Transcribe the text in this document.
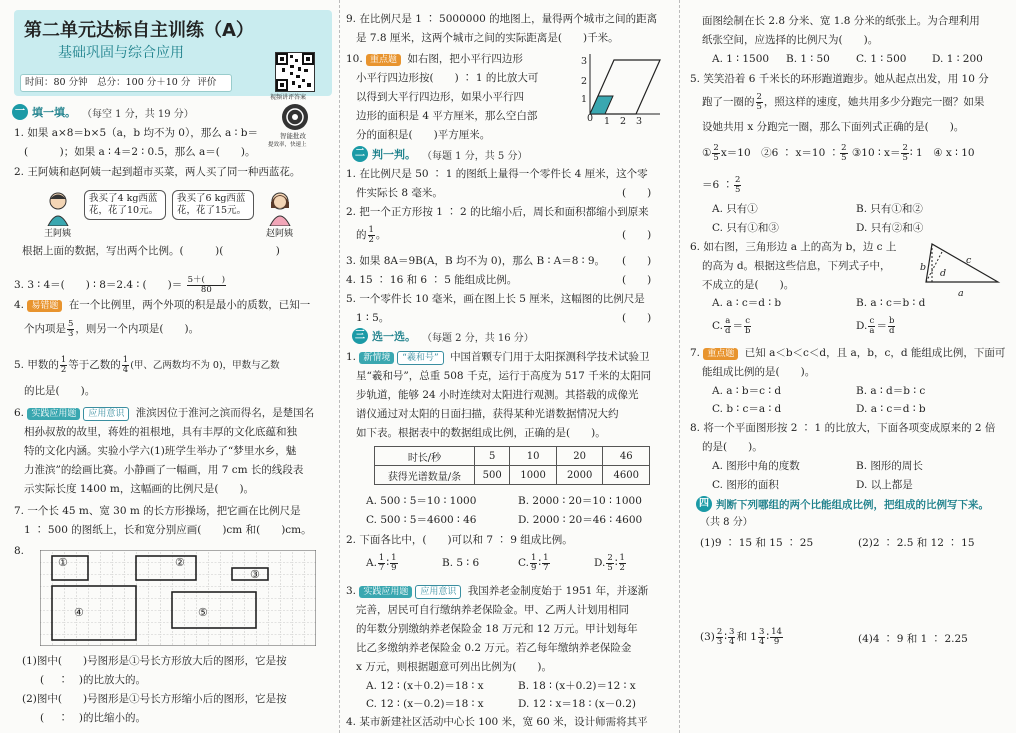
第二单元达标自主训练（A）
基础巩固与综合应用
时间：80 分钟　总分：100 分＋10 分 评价
视频讲评答案
智能批改
提效率，快速上
一 填一填。 （每空 1 分，共 19 分）
1. 如果 a×8＝b×5（a，b 均不为 0），那么 a ∶ b＝
(　　　)；如果 a ∶ 4＝2 ∶ 0.5，那么 a＝(　　)。
2. 王阿姨和赵阿姨一起到超市买菜，两人买了同一种西蓝花。
我买了4 kg西蓝花，花了10元。
我买了6 kg西蓝花，花了15元。
王阿姨	赵阿姨
根据上面的数据，写出两个比例。(　　　)(　　　　　)
3. 3 ∶ 4＝(　　) ∶ 8＝2.4 ∶ (　　)＝ $\frac{5+( )}{80}$
4. 易错题 在一个比例里，两个外项的积是最小的质数，已知一
个内项是 $\frac{5}{3}$ ，则另一个内项是(　　)。
5. 甲数的 $\frac{1}{2}$ 等于乙数的 $\frac{1}{4}$ (甲、乙两数均不为 0)，甲数与乙数
的比是(　　)。
6. 实践应用题 应用意识 淮滨因位于淮河之滨而得名，是楚国名
相孙叔敖的故里，蒋姓的祖根地，具有丰厚的文化底蕴和独
特的文化内涵。实验小学六(1)班学生举办了“梦里水乡，魅
力淮滨”的绘画比赛。小静画了一幅画，用 7 cm 长的线段表
示实际长度 1400 m，这幅画的比例尺是(　　)。
7. 一个长 45 m、宽 30 m 的长方形操场，把它画在比例尺是
1 ∶ 500 的图纸上，长和宽分别应画(　　)cm 和(　　)cm。
8.
①	②
③
④	⑤
(1)图中(　　)号图形是①号长方形放大后的图形，它是按
(　 ∶　)的比放大的。
(2)图中(　　)号图形是①号长方形缩小后的图形，它是按
(　 ∶　)的比缩小的。
9. 在比例尺是 1 ∶ 5000000 的地图上，量得两个城市之间的距离
是 7.8 厘米，这两个城市之间的实际距离是(　　)千米。
10. 重点题 如右图，把小平行四边形
小平行四边形按(　　) ∶ 1 的比放大可
以得到大平行四边形，如果小平行四
边形的面积是 4 平方厘米，那么空白部
分的面积是(　　)平方厘米。
0 1 2 3
1
2
3
二 判一判。 （每题 1 分，共 5 分）
1. 在比例尺是 50 ∶ 1 的图纸上量得一个零件长 4 厘米，这个零
件实际长 8 毫米。	(　　)
2. 把一个正方形按 1 ∶ 2 的比缩小后，周长和面积都缩小到原来
的 $\frac{1}{2}$ 。	(　　)
3. 如果 8A＝9B(A，B 均不为 0)，那么 B ∶ A＝8 ∶ 9。 (　　)
4. 15 ∶ 16 和 6 ∶ 5 能组成比例。	(　　)
5. 一个零件长 10 毫米，画在图上长 5 厘米，这幅图的比例尺是
1 ∶ 5。	(　　)
三 选一选。 （每题 2 分，共 16 分）
1. 新情境 “羲和号” 中国首颗专门用于太阳探测科学技术试验卫
星“羲和号”，总重 508 千克，运行于高度为 517 千米的太阳同
步轨道，能够 24 小时连续对太阳进行观测。其搭载的成像光
谱仪通过对太阳的日面扫描，获得某种光谱数据情况大约
如下表。根据表中的数据组成比例，正确的是(　　)。
时长/秒	5	10	20	46
获得光谱数量/条	500	1000	2000	4600
A. 500 ∶ 5＝10 ∶ 1000	B. 2000 ∶ 20＝10 ∶ 1000
C. 500 ∶ 5＝4600 ∶ 46	D. 2000 ∶ 20＝46 ∶ 4600
2. 下面各比中，(　　)可以和 7 ∶ 9 组成比例。
A. $\frac{1}{7}$ ∶ $\frac{1}{9}$	B. 5 ∶ 6	C. $\frac{1}{9}$ ∶ $\frac{1}{7}$	D. $\frac{2}{5}$ ∶ $\frac{1}{2}$
3. 实践应用题 应用意识 我国养老金制度始于 1951 年，并逐渐
完善，居民可自行缴纳养老保险金。甲、乙两人计划用相同
的年数分别缴纳养老保险金 18 万元和 12 万元。甲计划每年
比乙多缴纳养老保险金 0.2 万元。若乙每年缴纳养老保险金
x 万元，则根据题意可列出比例为(　　)。
A. 12 ∶ (x＋0.2)＝18 ∶ x	B. 18 ∶ (x＋0.2)＝12 ∶ x
C. 12 ∶ (x－0.2)＝18 ∶ x	D. 12 ∶ x＝18 ∶ (x－0.2)
4. 某市新建社区活动中心长 100 米，宽 60 米，设计师需将其平
面图绘制在长 2.8 分米、宽 1.8 分米的纸张上。为合理利用
纸张空间，应选择的比例尺为(　　)。
A. 1 ∶ 1500 B. 1 ∶ 50 C. 1 ∶ 500 D. 1 ∶ 200
5. 笑笑沿着 6 千米长的环形跑道跑步。她从起点出发，用 10 分
跑了一圈的 $\frac{2}{5}$ ，照这样的速度，她共用多少分跑完一圈？如果
设她共用 x 分跑完一圈，那么下面列式正确的是(　　)。
① $\frac{2}{5} x=10$　②6 ∶ x＝10 ∶ $\frac{2}{5}$ ③10 ∶ $x= \frac{2}{5}$ ∶ 1　④ x ∶ 10
＝6 ∶ $\frac{2}{5}$
A. 只有①	B. 只有①和②
C. 只有①和③	D. 只有②和④
6. 如右图，三角形边 a 上的高为 b，边 c 上
的高为 d。根据这些信息，下列式子中，
不成立的是(　　)。
a
b
c
d
A. a ∶ c＝d ∶ b	B. a ∶ c＝b ∶ d
C. $\frac{a}{d} = \frac{c}{b}$	D. $\frac{c}{a} = \frac{b}{d}$
7. 重点题 已知 a＜b＜c＜d，且 a，b，c，d 能组成比例，下面可
能组成比例的是(　　)。
A. a ∶ b＝c ∶ d	B. a ∶ d＝b ∶ c
C. b ∶ c＝a ∶ d	D. a ∶ c＝d ∶ b
8. 将一个平面图形按 2 ∶ 1 的比放大，下面各项变成原来的 2 倍
的是(　　)。
A. 图形中角的度数	B. 图形的周长
C. 图形的面积	D. 以上都是
四 判断下列哪组的两个比能组成比例，把组成的比例写下来。
（共 8 分）
(1)9 ∶ 15 和 15 ∶ 25	(2)2 ∶ 2.5 和 12 ∶ 15
$(3) \frac{2}{3}$ ∶ $\frac{3}{4}$ 和 $1 \frac{3}{4}$ ∶ $\frac{14}{9}$	(4)4 ∶ 9 和 1 ∶ 2.25
